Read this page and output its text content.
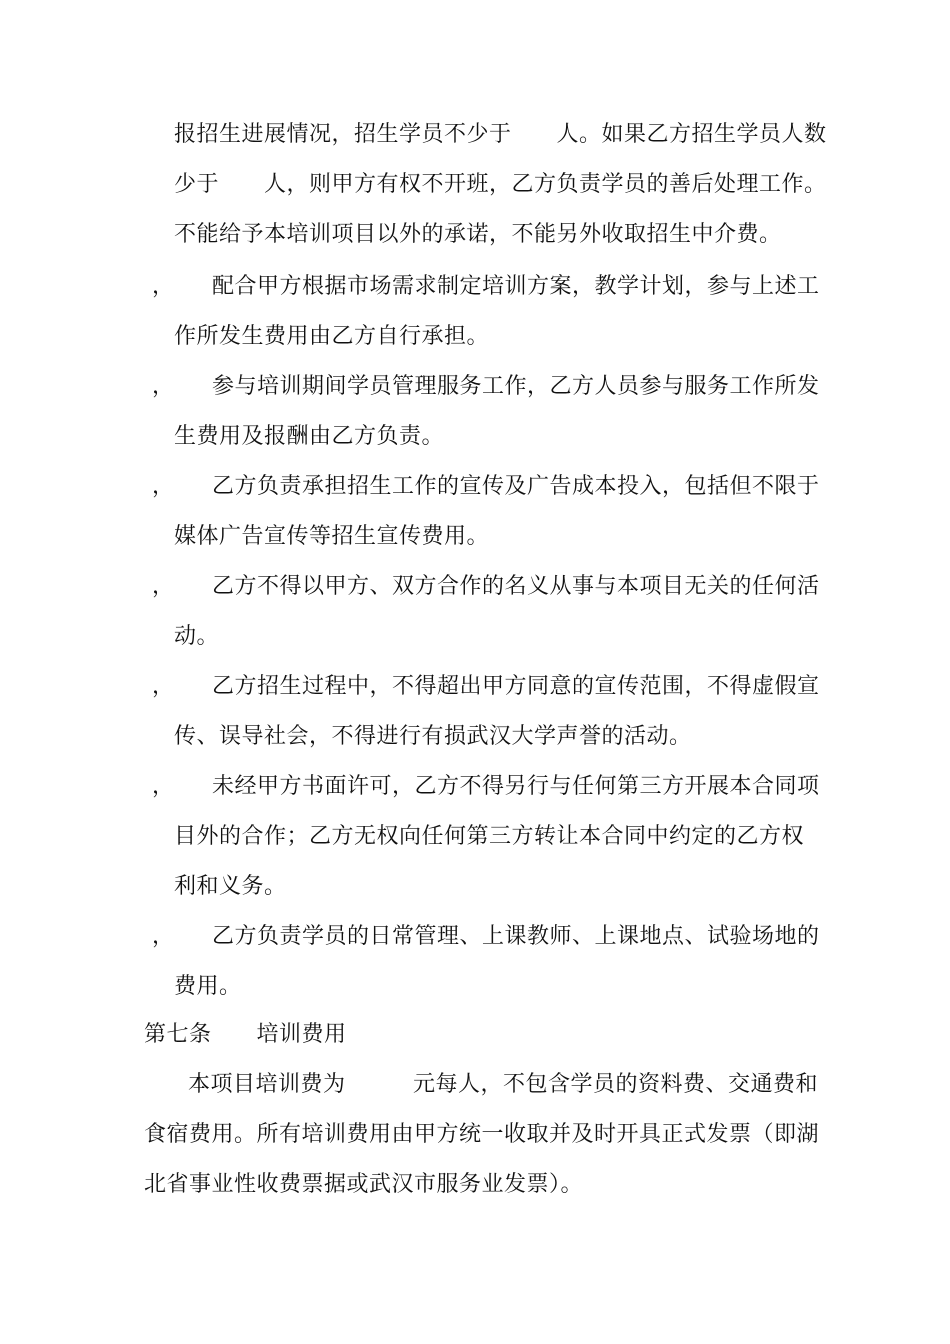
报招生进展情况，招生学员不少于　　人。如果乙方招生学员人数
少于　　人，则甲方有权不开班，乙方负责学员的善后处理工作。
不能给予本培训项目以外的承诺，不能另外收取招生中介费。
， 配合甲方根据市场需求制定培训方案，教学计划，参与上述工
作所发生费用由乙方自行承担。
， 参与培训期间学员管理服务工作，乙方人员参与服务工作所发
生费用及报酬由乙方负责。
， 乙方负责承担招生工作的宣传及广告成本投入，包括但不限于
媒体广告宣传等招生宣传费用。
， 乙方不得以甲方、双方合作的名义从事与本项目无关的任何活
动。
， 乙方招生过程中，不得超出甲方同意的宣传范围，不得虚假宣
传、误导社会，不得进行有损武汉大学声誉的活动。
， 未经甲方书面许可，乙方不得另行与任何第三方开展本合同项
目外的合作；乙方无权向任何第三方转让本合同中约定的乙方权
利和义务。
， 乙方负责学员的日常管理、上课教师、上课地点、试验场地的
费用。
第七条　　培训费用
本项目培训费为　　　元每人，不包含学员的资料费、交通费和
食宿费用。所有培训费用由甲方统一收取并及时开具正式发票（即湖
北省事业性收费票据或武汉市服务业发票）。
